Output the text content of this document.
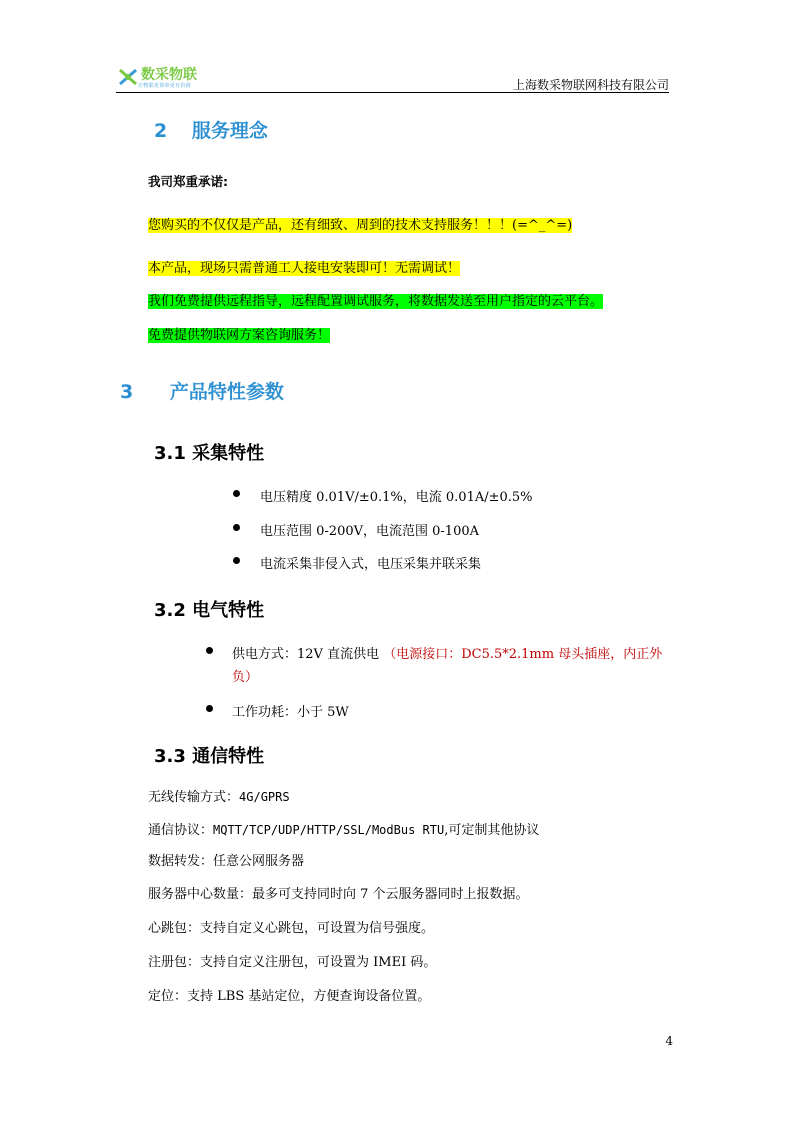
数采物联
让物联更简单更有价值	上海数采物联网科技有限公司
2 服务理念
我司郑重承诺:
您购买的不仅仅是产品，还有细致、周到的技术支持服务！！！(=^_^=)
本产品，现场只需普通工人接电安装即可！无需调试！
我们免费提供远程指导，远程配置调试服务，将数据发送至用户指定的云平台。
免费提供物联网方案咨询服务！
3 产品特性参数
3.1 采集特性
电压精度 0.01V/±0.1%，电流 0.01A/±0.5%
电压范围 0-200V，电流范围 0-100A
电流采集非侵入式，电压采集并联采集
3.2 电气特性
供电方式：12V 直流供电 （电源接口：DC5.5*2.1mm 母头插座，内正外
负）
工作功耗：小于 5W
3.3 通信特性
无线传输方式：4G/GPRS
通信协议：MQTT/TCP/UDP/HTTP/SSL/ModBus RTU,可定制其他协议
数据转发：任意公网服务器
服务器中心数量：最多可支持同时向 7 个云服务器同时上报数据。
心跳包：支持自定义心跳包，可设置为信号强度。
注册包：支持自定义注册包，可设置为 IMEI 码。
定位：支持 LBS 基站定位，方便查询设备位置。
4
